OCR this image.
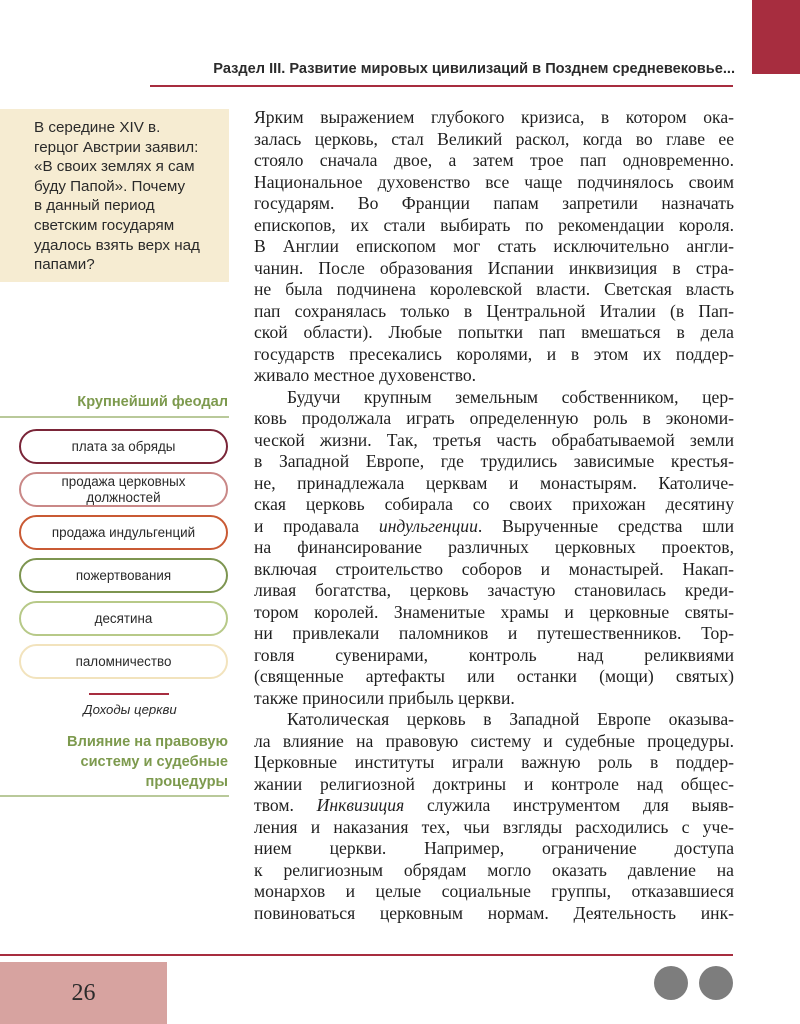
Раздел III. Развитие мировых цивилизаций в Позднем средневековье...
В середине XIV в.
герцог Австрии заявил:
«В своих землях я сам
буду Папой». Почему
в данный период
светским государям
удалось взять верх над
папами?
Крупнейший феодал
плата за обряды
продажа церковных
должностей
продажа индульгенций
пожертвования
десятина
паломничество
Доходы церкви
Влияние на правовую
систему и судебные
процедуры
Ярким выражением глубокого кризиса, в котором ока-
залась церковь, стал Великий раскол, когда во главе ее
стояло сначала двое, а затем трое пап одновременно.
Национальное духовенство все чаще подчинялось своим
государям. Во Франции папам запретили назначать
епископов, их стали выбирать по рекомендации короля.
В Англии епископом мог стать исключительно англи-
чанин. После образования Испании инквизиция в стра-
не была подчинена королевской власти. Светская власть
пап сохранялась только в Центральной Италии (в Пап-
ской области). Любые попытки пап вмешаться в дела
государств пресекались королями, и в этом их поддер-
живало местное духовенство.
Будучи крупным земельным собственником, цер-
ковь продолжала играть определенную роль в экономи-
ческой жизни. Так, третья часть обрабатываемой земли
в Западной Европе, где трудились зависимые крестья-
не, принадлежала церквам и монастырям. Католиче-
ская церковь собирала со своих прихожан десятину
и продавала индульгенции. Вырученные средства шли
на финансирование различных церковных проектов,
включая строительство соборов и монастырей. Накап-
ливая богатства, церковь зачастую становилась креди-
тором королей. Знаменитые храмы и церковные святы-
ни привлекали паломников и путешественников. Тор-
говля сувенирами, контроль над реликвиями
(священные артефакты или останки (мощи) святых)
также приносили прибыль церкви.
Католическая церковь в Западной Европе оказыва-
ла влияние на правовую систему и судебные процедуры.
Церковные институты играли важную роль в поддер-
жании религиозной доктрины и контроле над общес-
твом. Инквизиция служила инструментом для выяв-
ления и наказания тех, чьи взгляды расходились с уче-
нием церкви. Например, ограничение доступа
к религиозным обрядам могло оказать давление на
монархов и целые социальные группы, отказавшиеся
повиноваться церковным нормам. Деятельность инк-
26
